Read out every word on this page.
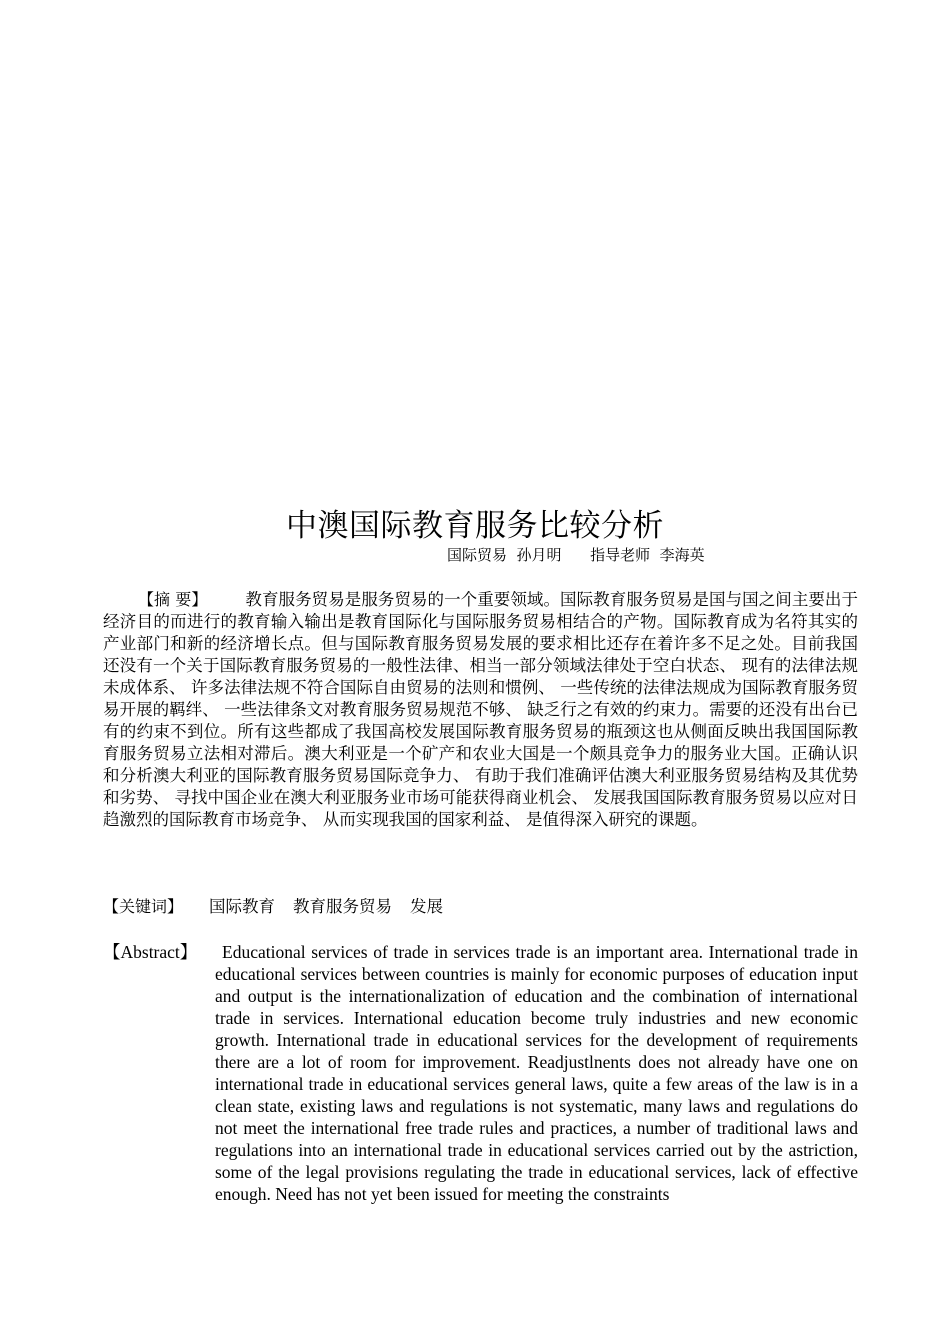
中澳国际教育服务比较分析
国际贸易  孙月明      指导老师  李海英
【摘 要】 教育服务贸易是服务贸易的一个重要领域。国际教育服务贸易是国与国之间主要出于经济目的而进行的教育输入输出是教育国际化与国际服务贸易相结合的产物。国际教育成为名符其实的产业部门和新的经济增长点。但与国际教育服务贸易发展的要求相比还存在着许多不足之处。目前我国还没有一个关于国际教育服务贸易的一般性法律、相当一部分领域法律处于空白状态、 现有的法律法规未成体系、 许多法律法规不符合国际自由贸易的法则和惯例、 一些传统的法律法规成为国际教育服务贸易开展的羁绊、 一些法律条文对教育服务贸易规范不够、 缺乏行之有效的约束力。需要的还没有出台已有的约束不到位。所有这些都成了我国高校发展国际教育服务贸易的瓶颈这也从侧面反映出我国国际教育服务贸易立法相对滞后。澳大利亚是一个矿产和农业大国是一个颇具竞争力的服务业大国。正确认识和分析澳大利亚的国际教育服务贸易国际竞争力、 有助于我们准确评估澳大利亚服务贸易结构及其优势和劣势、 寻找中国企业在澳大利亚服务业市场可能获得商业机会、 发展我国国际教育服务贸易以应对日趋激烈的国际教育市场竞争、 从而实现我国的国家利益、 是值得深入研究的课题。
【关键词】 国际教育 教育服务贸易 发展
【Abstract】	Educational services of trade in services trade is an important area. International trade in educational services between countries is mainly for economic purposes of education input and output is the internationalization of education and the combination of international trade in services. International education become truly industries and new economic growth. International trade in educational services for the development of requirements there are a lot of room for improvement. Readjustlnents does not already have one on international trade in educational services general laws, quite a few areas of the law is in a clean state, existing laws and regulations is not systematic, many laws and regulations do not meet the international free trade rules and practices, a number of traditional laws and regulations into an international trade in educational services carried out by the astriction, some of the legal provisions regulating the trade in educational services, lack of effective enough. Need has not yet been issued for meeting the constraints
